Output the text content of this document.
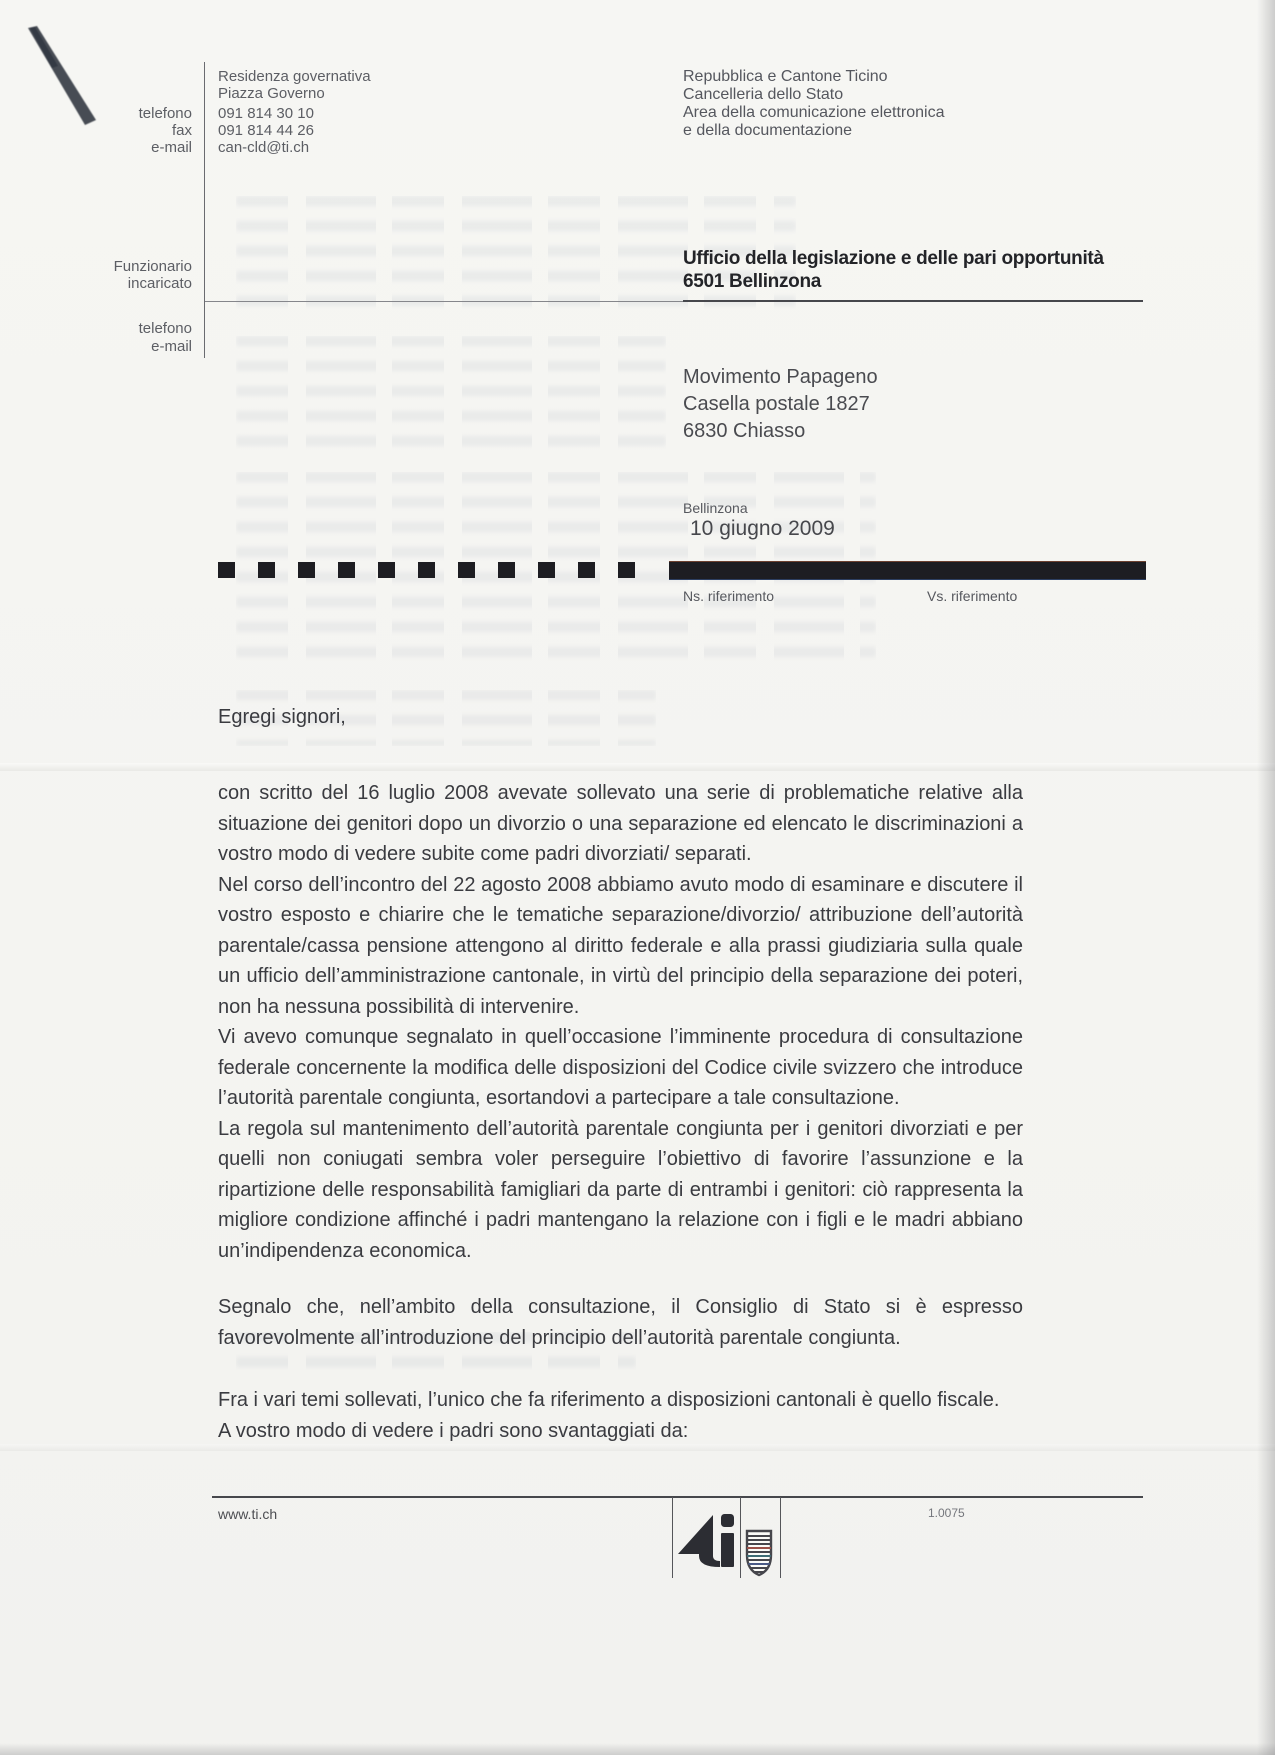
telefono
fax
e-mail
Funzionario
incaricato
telefono
e-mail
Residenza governativa
Piazza Governo
091 814 30 10
091 814 44 26
can-cld@ti.ch
Repubblica e Cantone Ticino
Cancelleria dello Stato
Area della comunicazione elettronica
e della documentazione
Ufficio della legislazione e delle pari opportunità
6501 Bellinzona
Movimento Papageno
Casella postale 1827
6830 Chiasso
Bellinzona
10 giugno 2009
Ns. riferimento	Vs. riferimento
Egregi signori,

con scritto del 16 luglio 2008 avevate sollevato una serie di problematiche relative alla situazione dei genitori dopo un divorzio o una separazione ed elencato le discriminazioni a vostro modo di vedere subite come padri divorziati/ separati.

Nel corso dell’incontro del 22 agosto 2008 abbiamo avuto modo di esaminare e discutere il vostro esposto e chiarire che le tematiche separazione/divorzio/ attribuzione dell’autorità parentale/cassa pensione attengono al diritto federale e alla prassi giudiziaria sulla quale un ufficio dell’amministrazione cantonale, in virtù del principio della separazione dei poteri, non ha nessuna possibilità di intervenire.

Vi avevo comunque segnalato in quell’occasione l’imminente procedura di consultazione federale concernente la modifica delle disposizioni del Codice civile svizzero che introduce l’autorità parentale congiunta, esortandovi a partecipare a tale consultazione.

La regola sul mantenimento dell’autorità parentale congiunta per i genitori divorziati e per quelli non coniugati sembra voler perseguire l’obiettivo di favorire l’assunzione e la ripartizione delle responsabilità famigliari da parte di entrambi i genitori: ciò rappresenta la migliore condizione affinché i padri mantengano la relazione con i figli e le madri abbiano un’indipendenza economica.

Segnalo che, nell’ambito della consultazione, il Consiglio di Stato si è espresso favorevolmente all’introduzione del principio dell’autorità parentale congiunta.

Fra i vari temi sollevati, l’unico che fa riferimento a disposizioni cantonali è quello fiscale.

A vostro modo di vedere i padri sono svantaggiati da:

www.ti.ch	1.0075
